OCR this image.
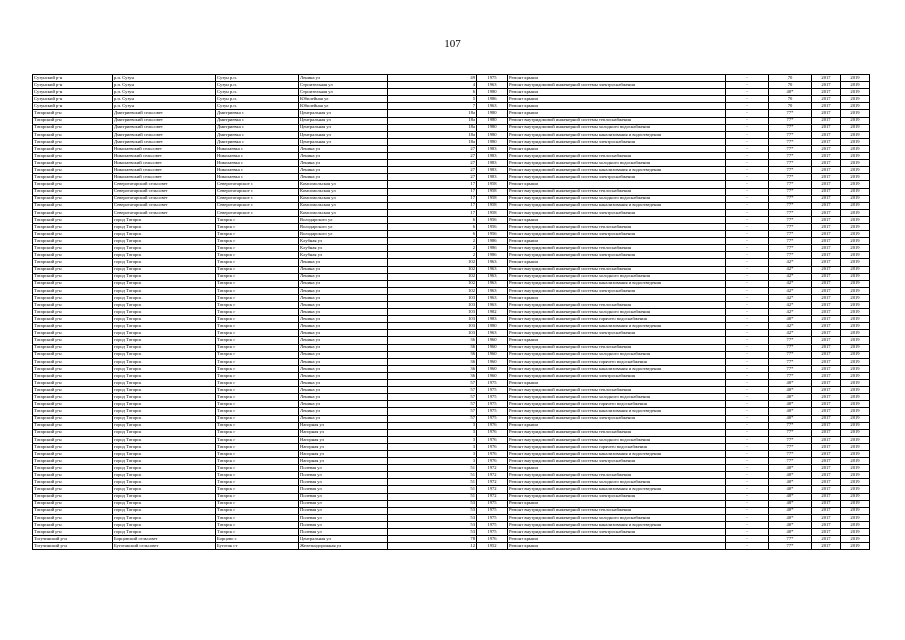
107
Сузунский р-н	р.п. Сузун	Сузун р.п.	Ленина ул	49	1975	Ремонт крыши	-	70	2017	2019
Сузунский р-н	р.п. Сузун	Сузун р.п.	Строительная ул	4	1963	Ремонт внутридомовой инженерной системы электроснабжения	-	70	2017	2019
Сузунский р-н	р.п. Сузун	Сузун р.п.	Строительная ул	6	1980	Ремонт крыши	-	40*	2017	2019
Сузунский р-н	р.п. Сузун	Сузун р.п.	Юбилейная ул	5	1986	Ремонт крыши	-	70	2017	2019
Сузунский р-н	р.п. Сузун	Сузун р.п.	Юбилейная ул	7	1963	Ремонт крыши	-	70	2017	2019
Татарский р-н	Дмитриевский сельсовет	Дмитриевка с	Центральная ул	18а	1980	Ремонт крыши	-	77*	2017	2019
Татарский р-н	Дмитриевский сельсовет	Дмитриевка с	Центральная ул	18а	1980	Ремонт внутридомовой инженерной системы теплоснабжения	-	77*	2017	2019
Татарский р-н	Дмитриевский сельсовет	Дмитриевка с	Центральная ул	18а	1980	Ремонт внутридомовой инженерной системы холодного водоснабжения	-	77*	2017	2019
Татарский р-н	Дмитриевский сельсовет	Дмитриевка с	Центральная ул	18а	1980	Ремонт внутридомовой инженерной системы канализования и водоотведения	-	77*	2017	2019
Татарский р-н	Дмитриевский сельсовет	Дмитриевка с	Центральная ул	18а	1980	Ремонт внутридомовой инженерной системы электроснабжения	-	77*	2017	2019
Татарский р-н	Николаевский сельсовет	Николаевка с	Ленина ул	27	1983	Ремонт крыши	-	77*	2017	2019
Татарский р-н	Николаевский сельсовет	Николаевка с	Ленина ул	27	1983	Ремонт внутридомовой инженерной системы теплоснабжения	-	77*	2017	2019
Татарский р-н	Николаевский сельсовет	Николаевка с	Ленина ул	27	1983	Ремонт внутридомовой инженерной системы холодного водоснабжения	-	77*	2017	2019
Татарский р-н	Николаевский сельсовет	Николаевка с	Ленина ул	27	1983	Ремонт внутридомовой инженерной системы канализования и водоотведения	-	77*	2017	2019
Татарский р-н	Николаевский сельсовет	Николаевка с	Ленина ул	27	1983	Ремонт внутридомовой инженерной системы электроснабжения	-	77*	2017	2019
Татарский р-н	Северотатарский сельсовет	Северотатарское с	Комсомольская ул	17	1958	Ремонт крыши	-	77*	2017	2019
Татарский р-н	Северотатарский сельсовет	Северотатарское с	Комсомольская ул	17	1958	Ремонт внутридомовой инженерной системы теплоснабжения	-	77*	2017	2019
Татарский р-н	Северотатарский сельсовет	Северотатарское с	Комсомольская ул	17	1958	Ремонт внутридомовой инженерной системы холодного водоснабжения	-	77*	2017	2019
Татарский р-н	Северотатарский сельсовет	Северотатарское с	Комсомольская ул	17	1958	Ремонт внутридомовой инженерной системы канализования и водоотведения	-	77*	2017	2019
Татарский р-н	Северотатарский сельсовет	Северотатарское с	Комсомольская ул	17	1958	Ремонт внутридомовой инженерной системы электроснабжения	-	77*	2017	2019
Татарский р-н	город Татарск	Татарск г	Володарского ул	6	1956	Ремонт крыши	-	77*	2017	2019
Татарский р-н	город Татарск	Татарск г	Володарского ул	6	1956	Ремонт внутридомовой инженерной системы теплоснабжения	-	77*	2017	2019
Татарский р-н	город Татарск	Татарск г	Володарского ул	6	1956	Ремонт внутридомовой инженерной системы электроснабжения	-	77*	2017	2019
Татарский р-н	город Татарск	Татарск г	Клубная ул	2	1986	Ремонт крыши	-	77*	2017	2019
Татарский р-н	город Татарск	Татарск г	Клубная ул	2	1986	Ремонт внутридомовой инженерной системы теплоснабжения	-	77*	2017	2019
Татарский р-н	город Татарск	Татарск г	Клубная ул	2	1986	Ремонт внутридомовой инженерной системы электроснабжения	-	77*	2017	2019
Татарский р-н	город Татарск	Татарск г	Ленина ул	102	1963	Ремонт крыши	-	42*	2017	2019
Татарский р-н	город Татарск	Татарск г	Ленина ул	102	1963	Ремонт внутридомовой инженерной системы теплоснабжения	-	42*	2017	2019
Татарский р-н	город Татарск	Татарск г	Ленина ул	102	1963	Ремонт внутридомовой инженерной системы холодного водоснабжения	-	42*	2017	2019
Татарский р-н	город Татарск	Татарск г	Ленина ул	102	1963	Ремонт внутридомовой инженерной системы канализования и водоотведения	-	42*	2017	2019
Татарский р-н	город Татарск	Татарск г	Ленина ул	102	1963	Ремонт внутридомовой инженерной системы электроснабжения	-	42*	2017	2019
Татарский р-н	город Татарск	Татарск г	Ленина ул	103	1963	Ремонт крыши	-	42*	2017	2019
Татарский р-н	город Татарск	Татарск г	Ленина ул	103	1963	Ремонт внутридомовой инженерной системы теплоснабжения	-	42*	2017	2019
Татарский р-н	город Татарск	Татарск г	Ленина ул	103	1982	Ремонт внутридомовой инженерной системы холодного водоснабжения	-	42*	2017	2019
Татарский р-н	город Татарск	Татарск г	Ленина ул	103	1983	Ремонт внутридомовой инженерной системы горячего водоснабжения	-	40*	2017	2019
Татарский р-н	город Татарск	Татарск г	Ленина ул	103	1980	Ремонт внутридомовой инженерной системы канализования и водоотведения	-	42*	2017	2019
Татарский р-н	город Татарск	Татарск г	Ленина ул	103	1963	Ремонт внутридомовой инженерной системы электроснабжения	-	42*	2017	2019
Татарский р-н	город Татарск	Татарск г	Ленина ул	36	1960	Ремонт крыши	-	77*	2017	2019
Татарский р-н	город Татарск	Татарск г	Ленина ул	36	1960	Ремонт внутридомовой инженерной системы теплоснабжения	-	77*	2017	2019
Татарский р-н	город Татарск	Татарск г	Ленина ул	36	1960	Ремонт внутридомовой инженерной системы холодного водоснабжения	-	77*	2017	2019
Татарский р-н	город Татарск	Татарск г	Ленина ул	36	1960	Ремонт внутридомовой инженерной системы горячего водоснабжения	-	77*	2017	2019
Татарский р-н	город Татарск	Татарск г	Ленина ул	36	1960	Ремонт внутридомовой инженерной системы канализования и водоотведения	-	77*	2017	2019
Татарский р-н	город Татарск	Татарск г	Ленина ул	36	1960	Ремонт внутридомовой инженерной системы электроснабжения	-	77*	2017	2019
Татарский р-н	город Татарск	Татарск г	Ленина ул	57	1975	Ремонт крыши	-	40*	2017	2019
Татарский р-н	город Татарск	Татарск г	Ленина ул	57	1975	Ремонт внутридомовой инженерной системы теплоснабжения	-	40*	2017	2019
Татарский р-н	город Татарск	Татарск г	Ленина ул	57	1975	Ремонт внутридомовой инженерной системы холодного водоснабжения	-	40*	2017	2019
Татарский р-н	город Татарск	Татарск г	Ленина ул	57	1975	Ремонт внутридомовой инженерной системы горячего водоснабжения	-	40*	2017	2019
Татарский р-н	город Татарск	Татарск г	Ленина ул	57	1975	Ремонт внутридомовой инженерной системы канализования и водоотведения	-	40*	2017	2019
Татарский р-н	город Татарск	Татарск г	Ленина ул	57	1975	Ремонт внутридомовой инженерной системы электроснабжения	-	40*	2017	2019
Татарский р-н	город Татарск	Татарск г	Нагорная ул	3	1976	Ремонт крыши	-	77*	2017	2019
Татарский р-н	город Татарск	Татарск г	Нагорная ул	3	1976	Ремонт внутридомовой инженерной системы теплоснабжения	-	77*	2017	2019
Татарский р-н	город Татарск	Татарск г	Нагорная ул	3	1976	Ремонт внутридомовой инженерной системы холодного водоснабжения	-	77*	2017	2019
Татарский р-н	город Татарск	Татарск г	Нагорная ул	3	1976	Ремонт внутридомовой инженерной системы горячего водоснабжения	-	77*	2017	2019
Татарский р-н	город Татарск	Татарск г	Нагорная ул	3	1976	Ремонт внутридомовой инженерной системы канализования и водоотведения	-	77*	2017	2019
Татарский р-н	город Татарск	Татарск г	Нагорная ул	3	1976	Ремонт внутридомовой инженерной системы электроснабжения	-	77*	2017	2019
Татарский р-н	город Татарск	Татарск г	Полевая ул	51	1972	Ремонт крыши	-	40*	2017	2019
Татарский р-н	город Татарск	Татарск г	Полевая ул	51	1972	Ремонт внутридомовой инженерной системы теплоснабжения	-	40*	2017	2019
Татарский р-н	город Татарск	Татарск г	Полевая ул	51	1972	Ремонт внутридомовой инженерной системы холодного водоснабжения	-	40*	2017	2019
Татарский р-н	город Татарск	Татарск г	Полевая ул	51	1972	Ремонт внутридомовой инженерной системы канализования и водоотведения	-	40*	2017	2019
Татарский р-н	город Татарск	Татарск г	Полевая ул	51	1972	Ремонт внутридомовой инженерной системы электроснабжения	-	40*	2017	2019
Татарский р-н	город Татарск	Татарск г	Полевая ул	53	1975	Ремонт крыши	-	40*	2017	2019
Татарский р-н	город Татарск	Татарск г	Полевая ул	53	1975	Ремонт внутридомовой инженерной системы теплоснабжения	-	40*	2017	2019
Татарский р-н	город Татарск	Татарск г	Полевая ул	53	1975	Ремонт внутридомовой инженерной системы холодного водоснабжения	-	40*	2017	2019
Татарский р-н	город Татарск	Татарск г	Полевая ул	53	1975	Ремонт внутридомовой инженерной системы канализования и водоотведения	-	40*	2017	2019
Татарский р-н	город Татарск	Татарск г	Полевая ул	53	1975	Ремонт внутридомовой инженерной системы электроснабжения	-	40*	2017	2019
Тогучинский р-н	Борцовский сельсовет	Борцово с	Центральная ул	78	1976	Ремонт крыши	-	77*	2017	2019
Тогучинский р-н	Буготакский сельсовет	Буготак ст	Железнодорожная ул	12	1952	Ремонт крыши	-	77*	2017	2019
